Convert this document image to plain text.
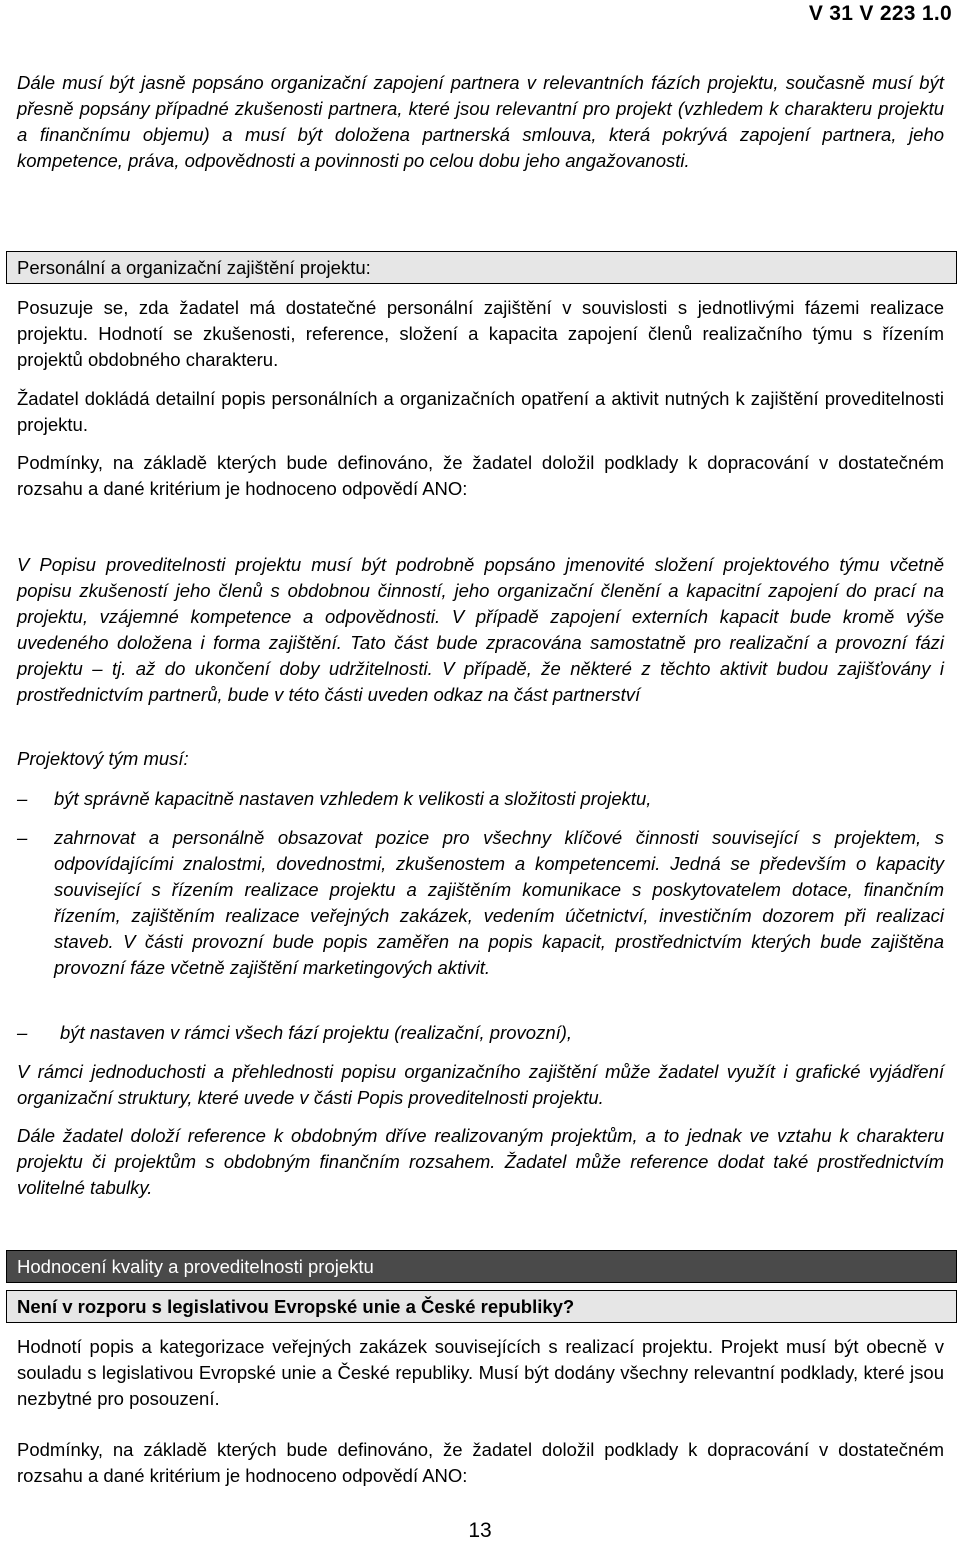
V 31 V 223 1.0

Dále musí být jasně popsáno organizační zapojení partnera v relevantních fázích projektu, současně musí být přesně popsány případné zkušenosti partnera, které jsou relevantní pro projekt (vzhledem k charakteru projektu a finančnímu objemu) a musí být doložena partnerská smlouva, která pokrývá zapojení partnera, jeho kompetence, práva, odpovědnosti a povinnosti po celou dobu jeho angažovanosti.

Personální a organizační zajištění projektu:

Posuzuje se, zda žadatel má dostatečné personální zajištění v souvislosti s jednotlivými fázemi realizace projektu. Hodnotí se zkušenosti, reference, složení a kapacita zapojení členů realizačního týmu s řízením projektů obdobného charakteru.

Žadatel dokládá detailní popis personálních a organizačních opatření a aktivit nutných k zajištění proveditelnosti projektu.

Podmínky, na základě kterých bude definováno, že žadatel doložil podklady k dopracování v dostatečném rozsahu a dané kritérium je hodnoceno odpovědí ANO:

V Popisu proveditelnosti projektu musí být podrobně popsáno jmenovité složení projektového týmu včetně popisu zkušeností jeho členů s obdobnou činností, jeho organizační členění a kapacitní zapojení do prací na projektu, vzájemné kompetence a odpovědnosti. V případě zapojení externích kapacit bude kromě výše uvedeného doložena i forma zajištění. Tato část bude zpracována samostatně pro realizační a provozní fázi projektu – tj. až do ukončení doby udržitelnosti. V případě, že některé z těchto aktivit budou zajišťovány i prostřednictvím partnerů, bude v této části uveden odkaz na část partnerství

Projektový tým musí:

–	být správně kapacitně nastaven vzhledem k velikosti a složitosti projektu,
–	zahrnovat a personálně obsazovat pozice pro všechny klíčové činnosti související s projektem, s odpovídajícími znalostmi, dovednostmi, zkušenostem a kompetencemi. Jedná se především o kapacity související s řízením realizace projektu a zajištěním komunikace s poskytovatelem dotace, finančním řízením, zajištěním realizace veřejných zakázek, vedením účetnictví, investičním dozorem při realizaci staveb. V části provozní bude popis zaměřen na popis kapacit, prostřednictvím kterých bude zajištěna provozní fáze včetně zajištění marketingových aktivit.
–	být nastaven v rámci všech fází projektu (realizační, provozní),

V rámci jednoduchosti a přehlednosti popisu organizačního zajištění může žadatel využít i grafické vyjádření organizační struktury, které uvede v části Popis proveditelnosti projektu.

Dále žadatel doloží reference k obdobným dříve realizovaným projektům, a to jednak ve vztahu k charakteru projektu či projektům s obdobným finančním rozsahem. Žadatel může reference dodat také prostřednictvím volitelné tabulky.

Hodnocení kvality a proveditelnosti projektu
Není v rozporu s legislativou Evropské unie a České republiky?

Hodnotí popis a kategorizace veřejných zakázek souvisejících s realizací projektu. Projekt musí být obecně v souladu s legislativou Evropské unie a České republiky. Musí být dodány všechny relevantní podklady, které jsou nezbytné pro posouzení.

Podmínky, na základě kterých bude definováno, že žadatel doložil podklady k dopracování v dostatečném rozsahu a dané kritérium je hodnoceno odpovědí ANO:

13
